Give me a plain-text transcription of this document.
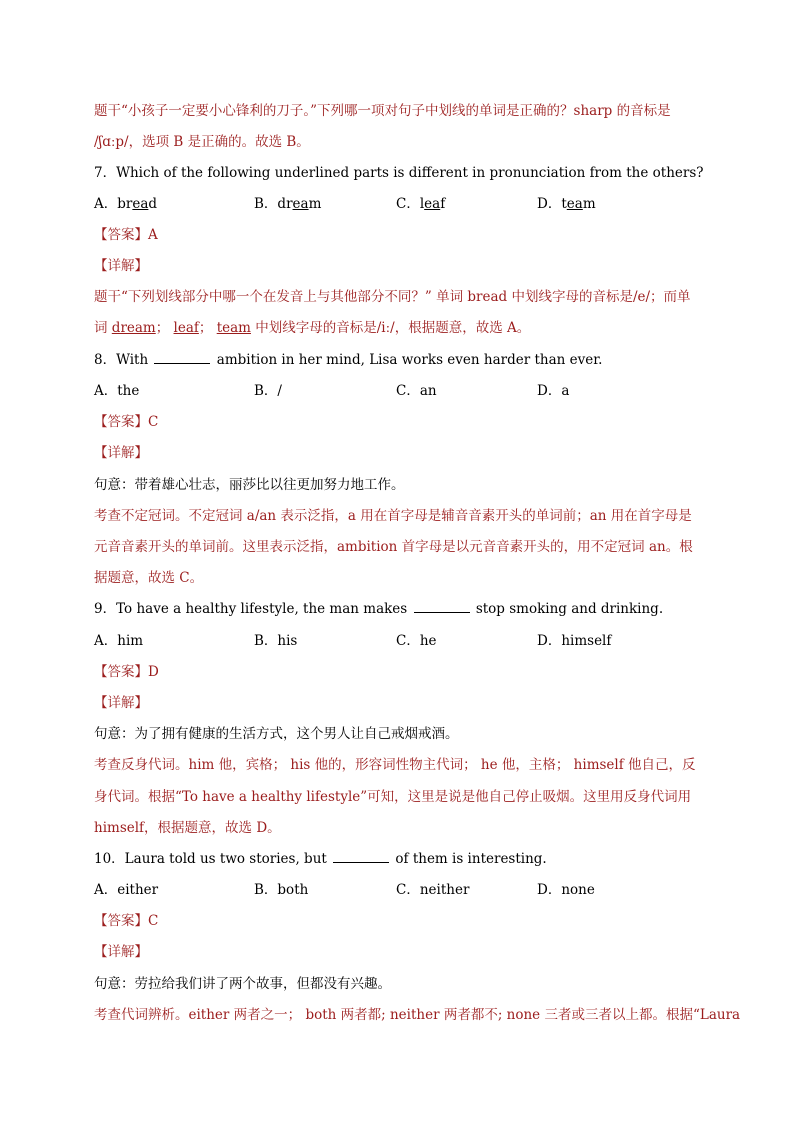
题干“小孩子一定要小心锋利的刀子。”下列哪一项对句子中划线的单词是正确的？sharp 的音标是
/ʃɑːp/，选项 B 是正确的。故选 B。
7．Which of the following underlined parts is different in pronunciation from the others?
A．bread	B．dream	C．leaf	D．team
【答案】A
【详解】
题干“下列划线部分中哪一个在发音上与其他部分不同？” 单词 bread 中划线字母的音标是/e/；而单
词 dream； leaf； team 中划线字母的音标是/iː/，根据题意，故选 A。
8．With	ambition in her mind, Lisa works even harder than ever.
A．the	B．/	C．an	D．a
【答案】C
【详解】
句意：带着雄心壮志，丽莎比以往更加努力地工作。
考查不定冠词。不定冠词 a/an 表示泛指，a 用在首字母是辅音音素开头的单词前；an 用在首字母是
元音音素开头的单词前。这里表示泛指，ambition 首字母是以元音音素开头的，用不定冠词 an。根
据题意，故选 C。
9．To have a healthy lifestyle, the man makes	stop smoking and drinking.
A．him	B．his	C．he	D．himself
【答案】D
【详解】
句意：为了拥有健康的生活方式，这个男人让自己戒烟戒酒。
考查反身代词。him 他，宾格； his 他的，形容词性物主代词； he 他，主格； himself 他自己，反
身代词。根据“To have a healthy lifestyle”可知，这里是说是他自己停止吸烟。这里用反身代词用
himself，根据题意，故选 D。
10．Laura told us two stories, but	of them is interesting.
A．either	B．both	C．neither	D．none
【答案】C
【详解】
句意：劳拉给我们讲了两个故事，但都没有兴趣。
考查代词辨析。either 两者之一； both 两者都; neither 两者都不; none 三者或三者以上都。根据“Laura
